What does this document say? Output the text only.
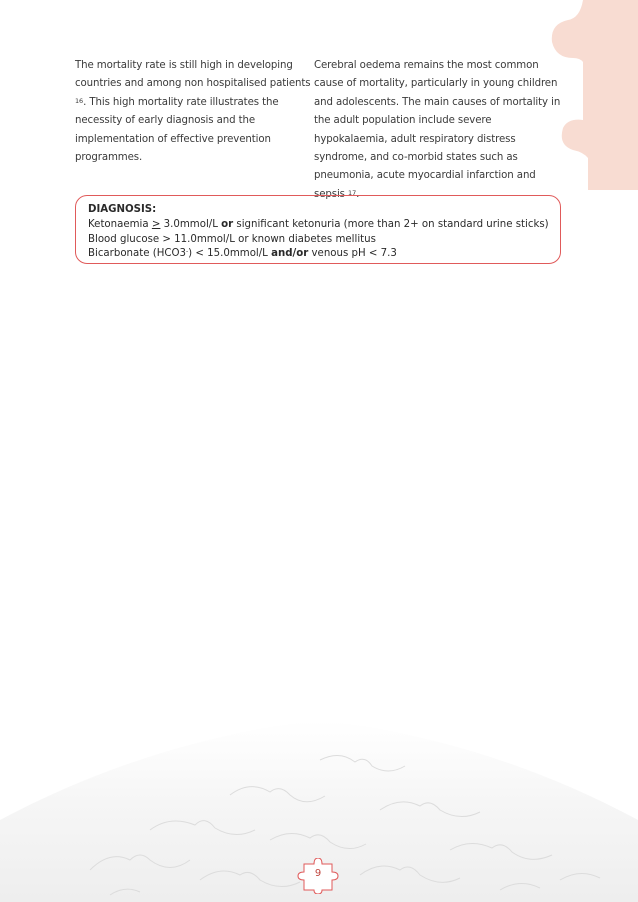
The mortality rate is still high in developing countries and among non hospitalised patients $^{16}$. This high mortality rate illustrates the necessity of early diagnosis and the implementation of effective prevention programmes.

Cerebral oedema remains the most common cause of mortality, particularly in young children and adolescents. The main causes of mortality in the adult population include severe hypokalaemia, adult respiratory distress syndrome, and co-morbid states such as pneumonia, acute myocardial infarction and sepsis $^{17}$.

DIAGNOSIS:
Ketonaemia ≥ 3.0mmol/L or significant ketonuria (more than 2+ on standard urine sticks)
Blood glucose > 11.0mmol/L or known diabetes mellitus
Bicarbonate (HCO3-) < 15.0mmol/L and/or venous pH < 7.3
9
